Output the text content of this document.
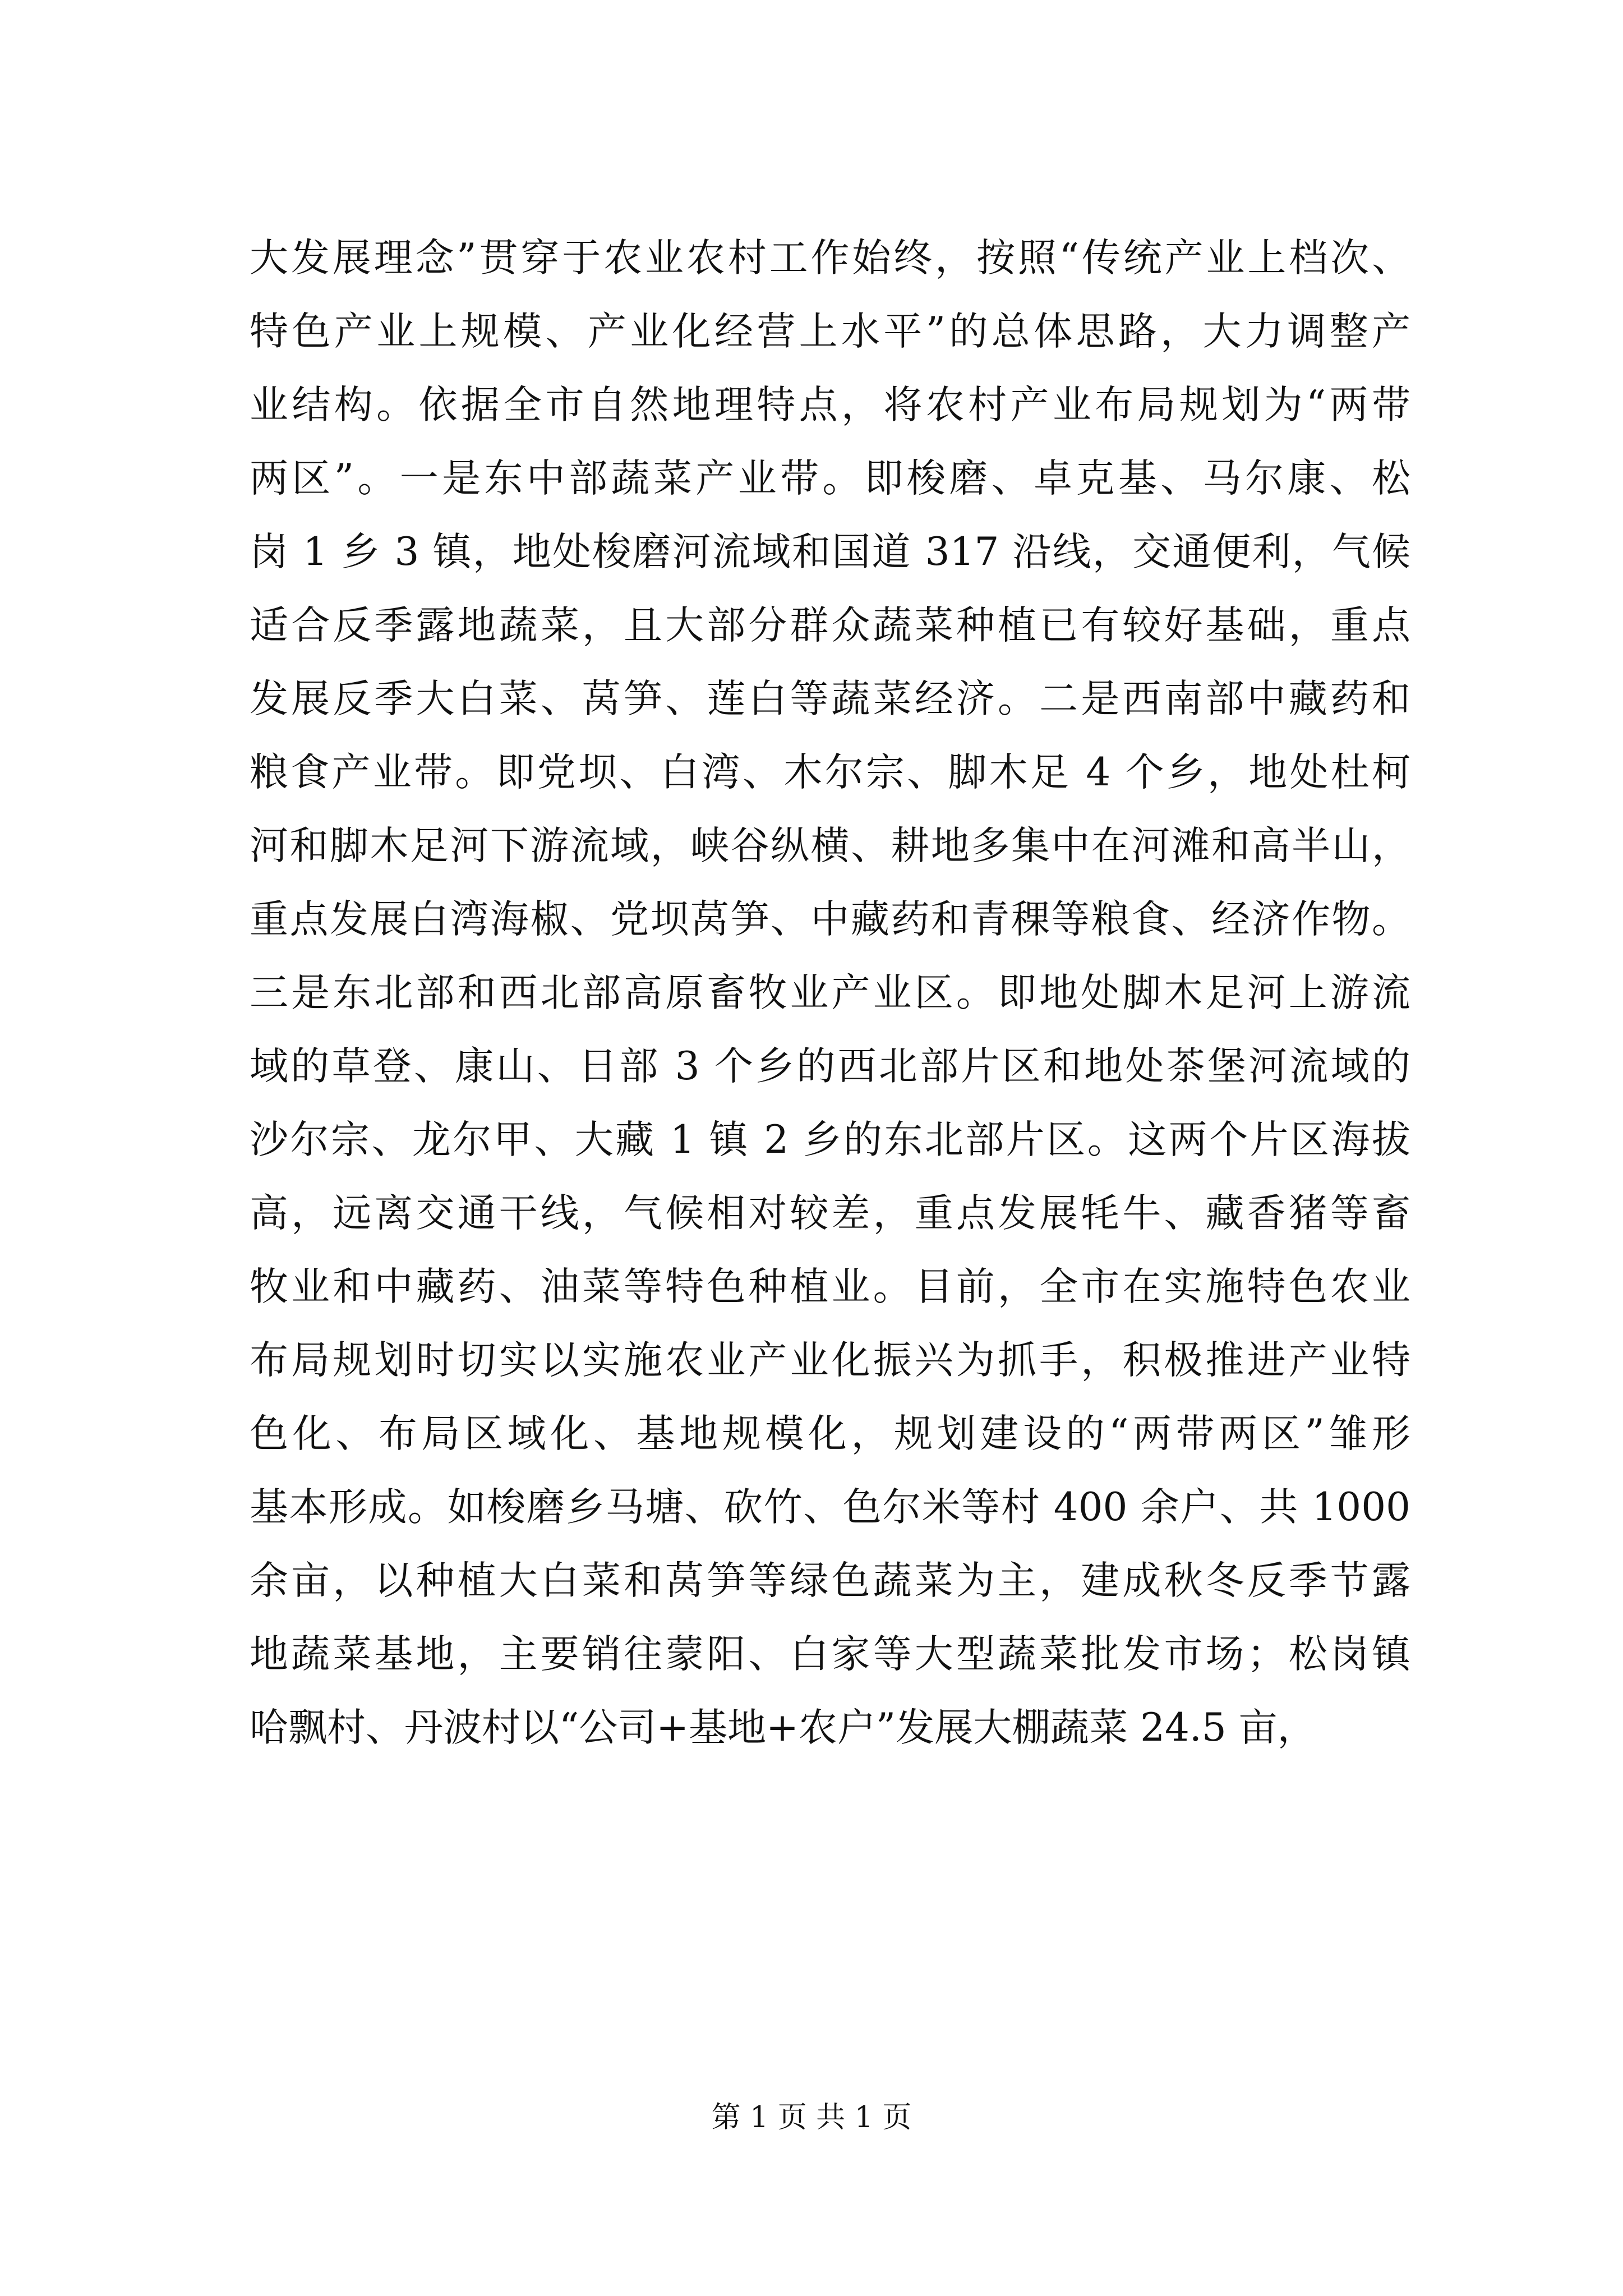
大发展理念”贯穿于农业农村工作始终，按照“传统产业上档次、
特色产业上规模、产业化经营上水平”的总体思路，大力调整产
业结构。依据全市自然地理特点，将农村产业布局规划为“两带
两区”。一是东中部蔬菜产业带。即梭磨、卓克基、马尔康、松
岗 1 乡 3 镇，地处梭磨河流域和国道 317 沿线，交通便利，气候
适合反季露地蔬菜，且大部分群众蔬菜种植已有较好基础，重点
发展反季大白菜、莴笋、莲白等蔬菜经济。二是西南部中藏药和
粮食产业带。即党坝、白湾、木尔宗、脚木足 4 个乡，地处杜柯
河和脚木足河下游流域，峡谷纵横、耕地多集中在河滩和高半山，
重点发展白湾海椒、党坝莴笋、中藏药和青稞等粮食、经济作物。
三是东北部和西北部高原畜牧业产业区。即地处脚木足河上游流
域的草登、康山、日部 3 个乡的西北部片区和地处茶堡河流域的
沙尔宗、龙尔甲、大藏 1 镇 2 乡的东北部片区。这两个片区海拔
高，远离交通干线，气候相对较差，重点发展牦牛、藏香猪等畜
牧业和中藏药、油菜等特色种植业。目前，全市在实施特色农业
布局规划时切实以实施农业产业化振兴为抓手，积极推进产业特
色化、布局区域化、基地规模化，规划建设的“两带两区”雏形
基本形成。如梭磨乡马塘、砍竹、色尔米等村 400 余户、共 1000
余亩，以种植大白菜和莴笋等绿色蔬菜为主，建成秋冬反季节露
地蔬菜基地，主要销往蒙阳、白家等大型蔬菜批发市场；松岗镇
哈飘村、丹波村以“公司+基地+农户”发展大棚蔬菜 24.5 亩，
第 1 页 共 1 页
